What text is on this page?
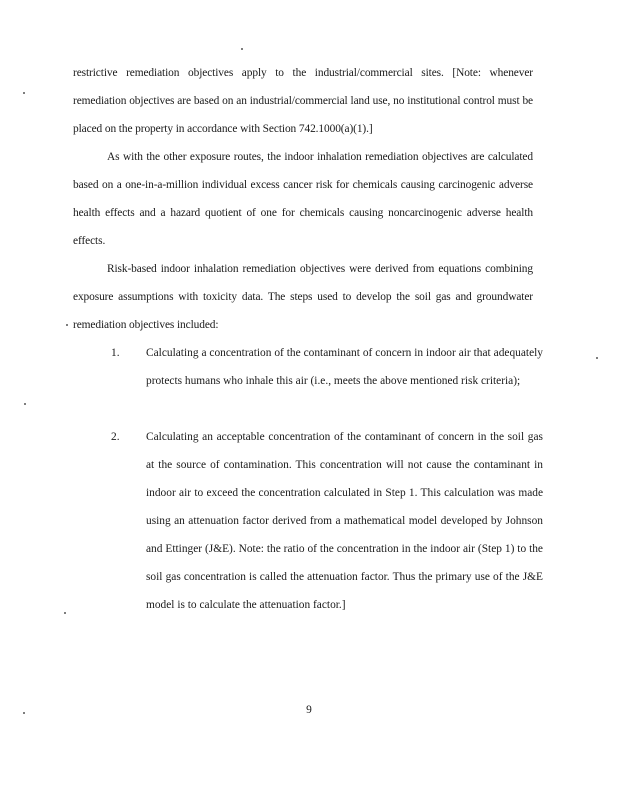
restrictive remediation objectives apply to the industrial/commercial sites. [Note: whenever remediation objectives are based on an industrial/commercial land use, no institutional control must be placed on the property in accordance with Section 742.1000(a)(1).]

As with the other exposure routes, the indoor inhalation remediation objectives are calculated based on a one-in-a-million individual excess cancer risk for chemicals causing carcinogenic adverse health effects and a hazard quotient of one for chemicals causing noncarcinogenic adverse health effects.

Risk-based indoor inhalation remediation objectives were derived from equations combining exposure assumptions with toxicity data. The steps used to develop the soil gas and groundwater remediation objectives included:

1. Calculating a concentration of the contaminant of concern in indoor air that adequately protects humans who inhale this air (i.e., meets the above mentioned risk criteria);
2. Calculating an acceptable concentration of the contaminant of concern in the soil gas at the source of contamination. This concentration will not cause the contaminant in indoor air to exceed the concentration calculated in Step 1. This calculation was made using an attenuation factor derived from a mathematical model developed by Johnson and Ettinger (J&E). Note: the ratio of the concentration in the indoor air (Step 1) to the soil gas concentration is called the attenuation factor. Thus the primary use of the J&E model is to calculate the attenuation factor.]
9
